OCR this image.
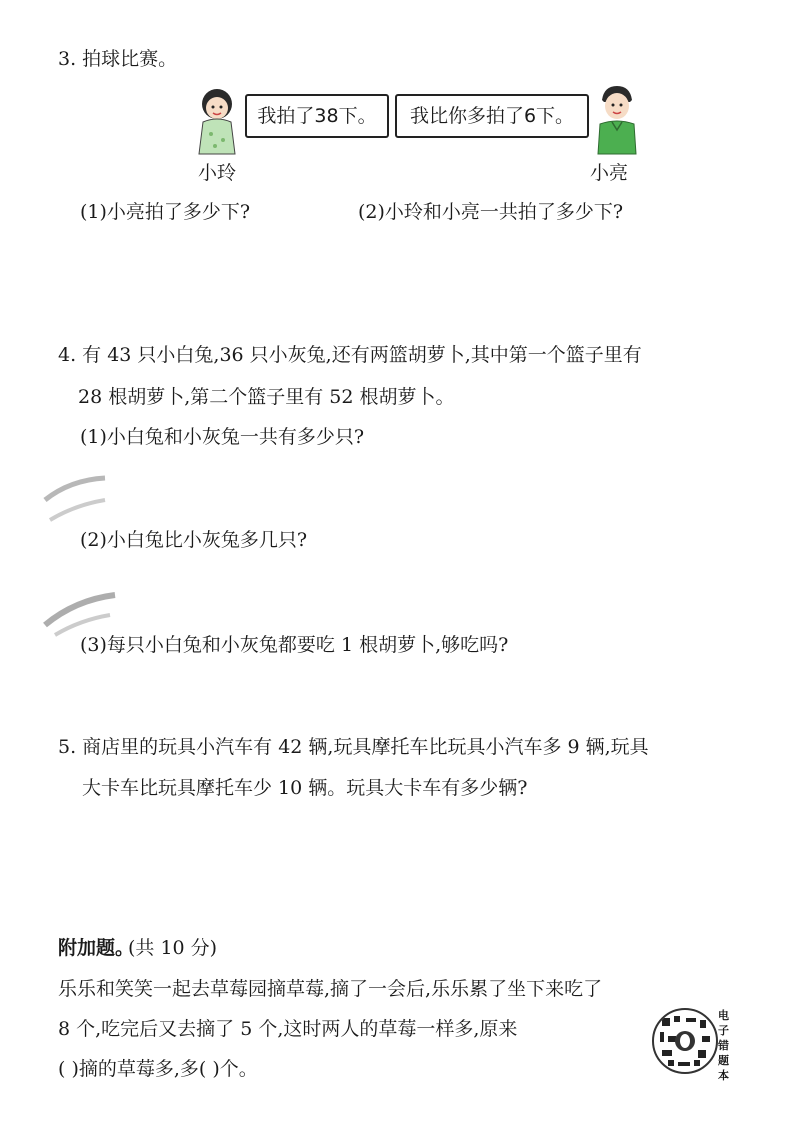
3. 拍球比赛。
我拍了38下。	我比你多拍了6下。
小玲	小亮
(1)小亮拍了多少下?	(2)小玲和小亮一共拍了多少下?
4. 有 43 只小白兔,36 只小灰兔,还有两篮胡萝卜,其中第一个篮子里有
28 根胡萝卜,第二个篮子里有 52 根胡萝卜。
(1)小白兔和小灰兔一共有多少只?
(2)小白兔比小灰兔多几只?
(3)每只小白兔和小灰兔都要吃 1 根胡萝卜,够吃吗?
5. 商店里的玩具小汽车有 42 辆,玩具摩托车比玩具小汽车多 9 辆,玩具
大卡车比玩具摩托车少 10 辆。玩具大卡车有多少辆?
附加题。
(共 10 分)
乐乐和笑笑一起去草莓园摘草莓,摘了一会后,乐乐累了坐下来吃了
8 个,吃完后又去摘了 5 个,这时两人的草莓一样多,原来
( )摘的草莓多,多( )个。
电子错题本
